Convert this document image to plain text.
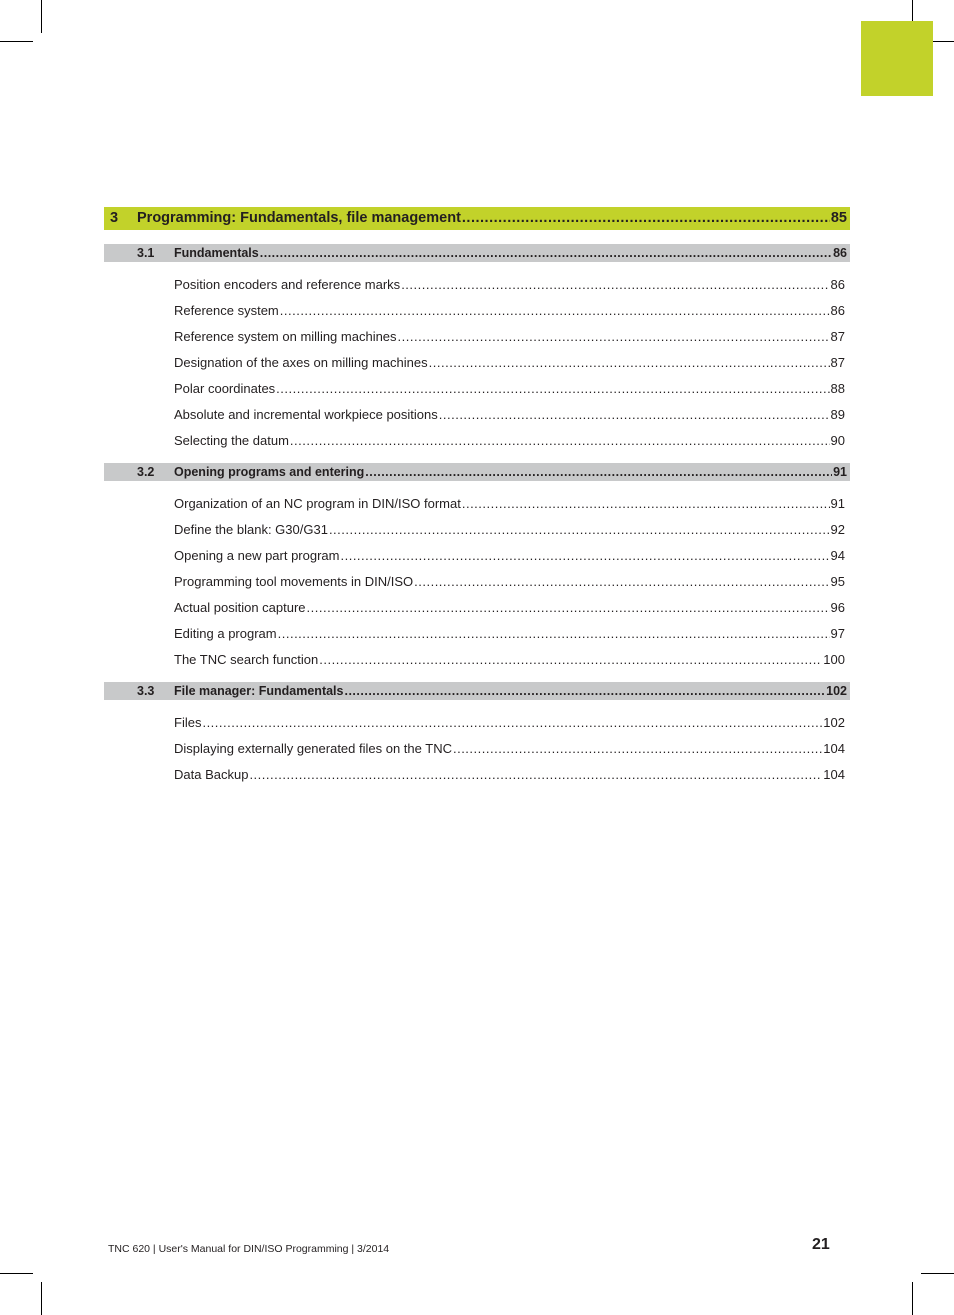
3	Programming: Fundamentals, file management .....	85
3.1	Fundamentals .....	86
Position encoders and reference marks .....	86
Reference system .....	86
Reference system on milling machines .....	87
Designation of the axes on milling machines .....	87
Polar coordinates .....	88
Absolute and incremental workpiece positions .....	89
Selecting the datum .....	90
3.2	Opening programs and entering .....	91
Organization of an NC program in DIN/ISO format .....	91
Define the blank: G30/G31 .....	92
Opening a new part program .....	94
Programming tool movements in DIN/ISO .....	95
Actual position capture .....	96
Editing a program .....	97
The TNC search function .....	100
3.3	File manager: Fundamentals .....	102
Files .....	102
Displaying externally generated files on the TNC .....	104
Data Backup .....	104
TNC 620 | User's Manual for DIN/ISO Programming | 3/2014	21
